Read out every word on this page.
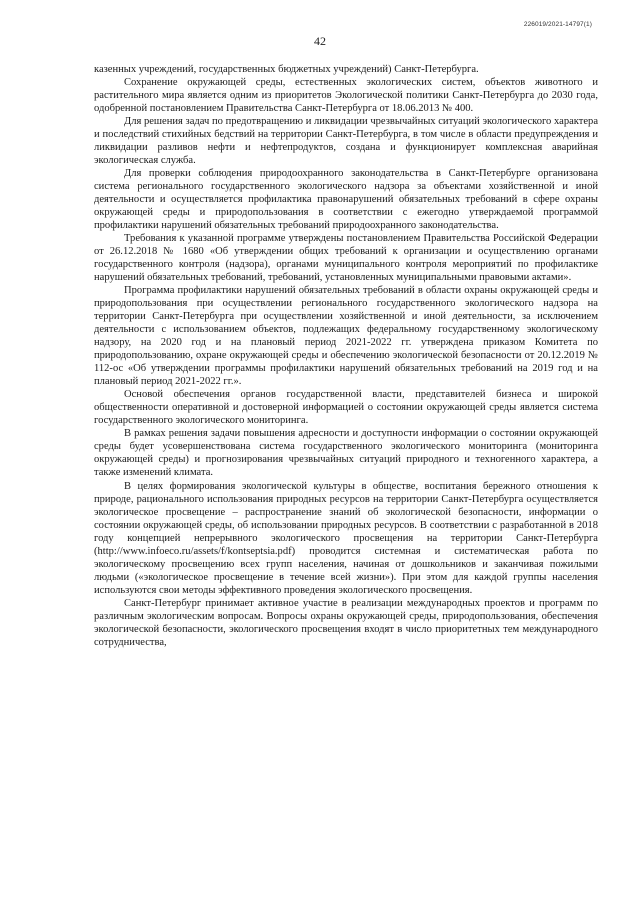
226019/2021-14797(1)
42

казенных учреждений, государственных бюджетных учреждений) Санкт-Петербурга.

Сохранение окружающей среды, естественных экологических систем, объектов животного и растительного мира является одним из приоритетов Экологической политики Санкт-Петербурга до 2030 года, одобренной постановлением Правительства Санкт-Петербурга от 18.06.2013 № 400.

Для решения задач по предотвращению и ликвидации чрезвычайных ситуаций экологического характера и последствий стихийных бедствий на территории Санкт-Петербурга, в том числе в области предупреждения и ликвидации разливов нефти и нефтепродуктов, создана и функционирует комплексная аварийная экологическая служба.

Для проверки соблюдения природоохранного законодательства в Санкт-Петербурге организована система регионального государственного экологического надзора за объектами хозяйственной и иной деятельности и осуществляется профилактика правонарушений обязательных требований в сфере охраны окружающей среды и природопользования в соответствии с ежегодно утверждаемой программой профилактики нарушений обязательных требований природоохранного законодательства.

Требования к указанной программе утверждены постановлением Правительства Российской Федерации от 26.12.2018 № 1680 «Об утверждении общих требований к организации и осуществлению органами государственного контроля (надзора), органами муниципального контроля мероприятий по профилактике нарушений обязательных требований, требований, установленных муниципальными правовыми актами».

Программа профилактики нарушений обязательных требований в области охраны окружающей среды и природопользования при осуществлении регионального государственного экологического надзора на территории Санкт-Петербурга при осуществлении хозяйственной и иной деятельности, за исключением деятельности с использованием объектов, подлежащих федеральному государственному экологическому надзору, на 2020 год и на плановый период 2021-2022 гг. утверждена приказом Комитета по природопользованию, охране окружающей среды и обеспечению экологической безопасности от 20.12.2019 № 112-ос «Об утверждении программы профилактики нарушений обязательных требований на 2019 год и на плановый период 2021-2022 гг.».

Основой обеспечения органов государственной власти, представителей бизнеса и широкой общественности оперативной и достоверной информацией о состоянии окружающей среды является система государственного экологического мониторинга.

В рамках решения задачи повышения адресности и доступности информации о состоянии окружающей среды будет усовершенствована система государственного экологического мониторинга (мониторинга окружающей среды) и прогнозирования чрезвычайных ситуаций природного и техногенного характера, а также изменений климата.

В целях формирования экологической культуры в обществе, воспитания бережного отношения к природе, рационального использования природных ресурсов на территории Санкт-Петербурга осуществляется экологическое просвещение – распространение знаний об экологической безопасности, информации о состоянии окружающей среды, об использовании природных ресурсов. В соответствии с разработанной в 2018 году концепцией непрерывного экологического просвещения на территории Санкт-Петербурга (http://www.infoeco.ru/assets/f/kontseptsia.pdf) проводится системная и систематическая работа по экологическому просвещению всех групп населения, начиная от дошкольников и заканчивая пожилыми людьми («экологическое просвещение в течение всей жизни»). При этом для каждой группы населения используются свои методы эффективного проведения экологического просвещения.

Санкт-Петербург принимает активное участие в реализации международных проектов и программ по различным экологическим вопросам. Вопросы охраны окружающей среды, природопользования, обеспечения экологической безопасности, экологического просвещения входят в число приоритетных тем международного сотрудничества,
